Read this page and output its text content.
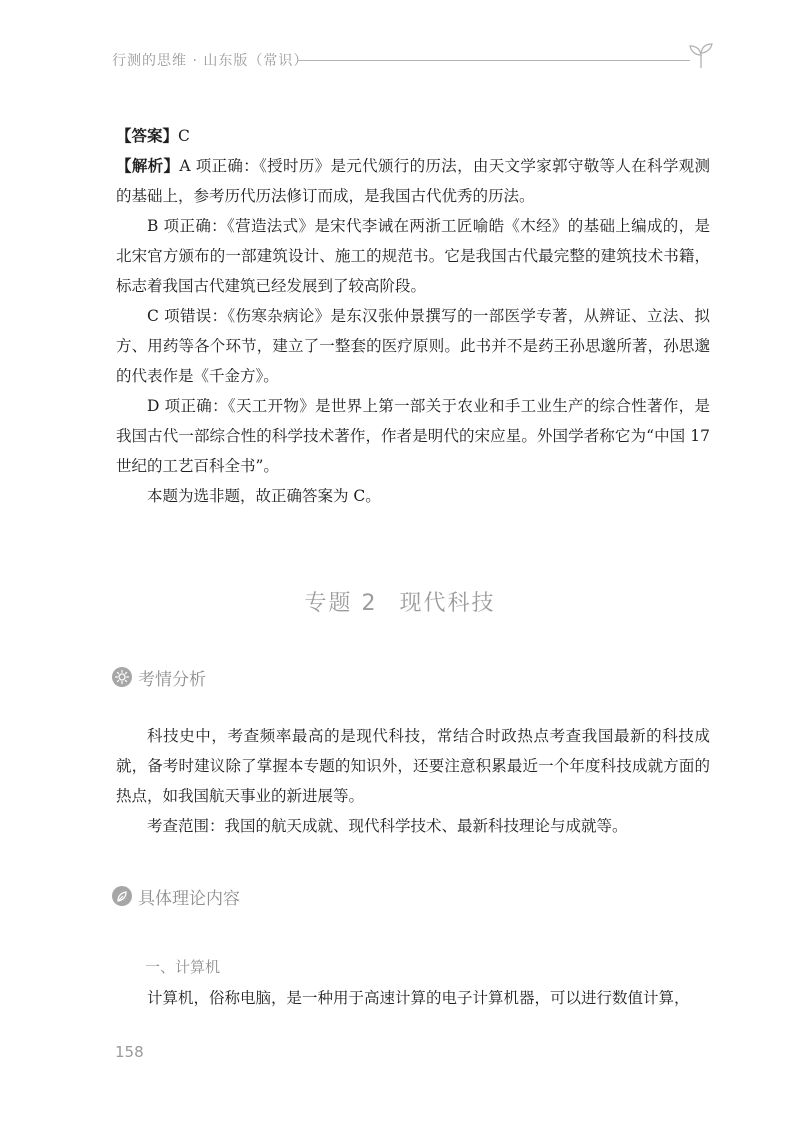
行测的思维 · 山东版（常识）

【答案】C

【解析】A 项正确：《授时历》是元代颁行的历法，由天文学家郭守敬等人在科学观测的基础上，参考历代历法修订而成，是我国古代优秀的历法。

B 项正确：《营造法式》是宋代李诫在两浙工匠喻皓《木经》的基础上编成的，是北宋官方颁布的一部建筑设计、施工的规范书。它是我国古代最完整的建筑技术书籍，标志着我国古代建筑已经发展到了较高阶段。

C 项错误：《伤寒杂病论》是东汉张仲景撰写的一部医学专著，从辨证、立法、拟方、用药等各个环节，建立了一整套的医疗原则。此书并不是药王孙思邈所著，孙思邈的代表作是《千金方》。

D 项正确：《天工开物》是世界上第一部关于农业和手工业生产的综合性著作，是我国古代一部综合性的科学技术著作，作者是明代的宋应星。外国学者称它为“中国 17 世纪的工艺百科全书”。

本题为选非题，故正确答案为 C。

专题 2 现代科技
考情分析

科技史中，考查频率最高的是现代科技，常结合时政热点考查我国最新的科技成就，备考时建议除了掌握本专题的知识外，还要注意积累最近一个年度科技成就方面的热点，如我国航天事业的新进展等。

考查范围：我国的航天成就、现代科学技术、最新科技理论与成就等。

具体理论内容
一、计算机

计算机，俗称电脑，是一种用于高速计算的电子计算机器，可以进行数值计算，

158
